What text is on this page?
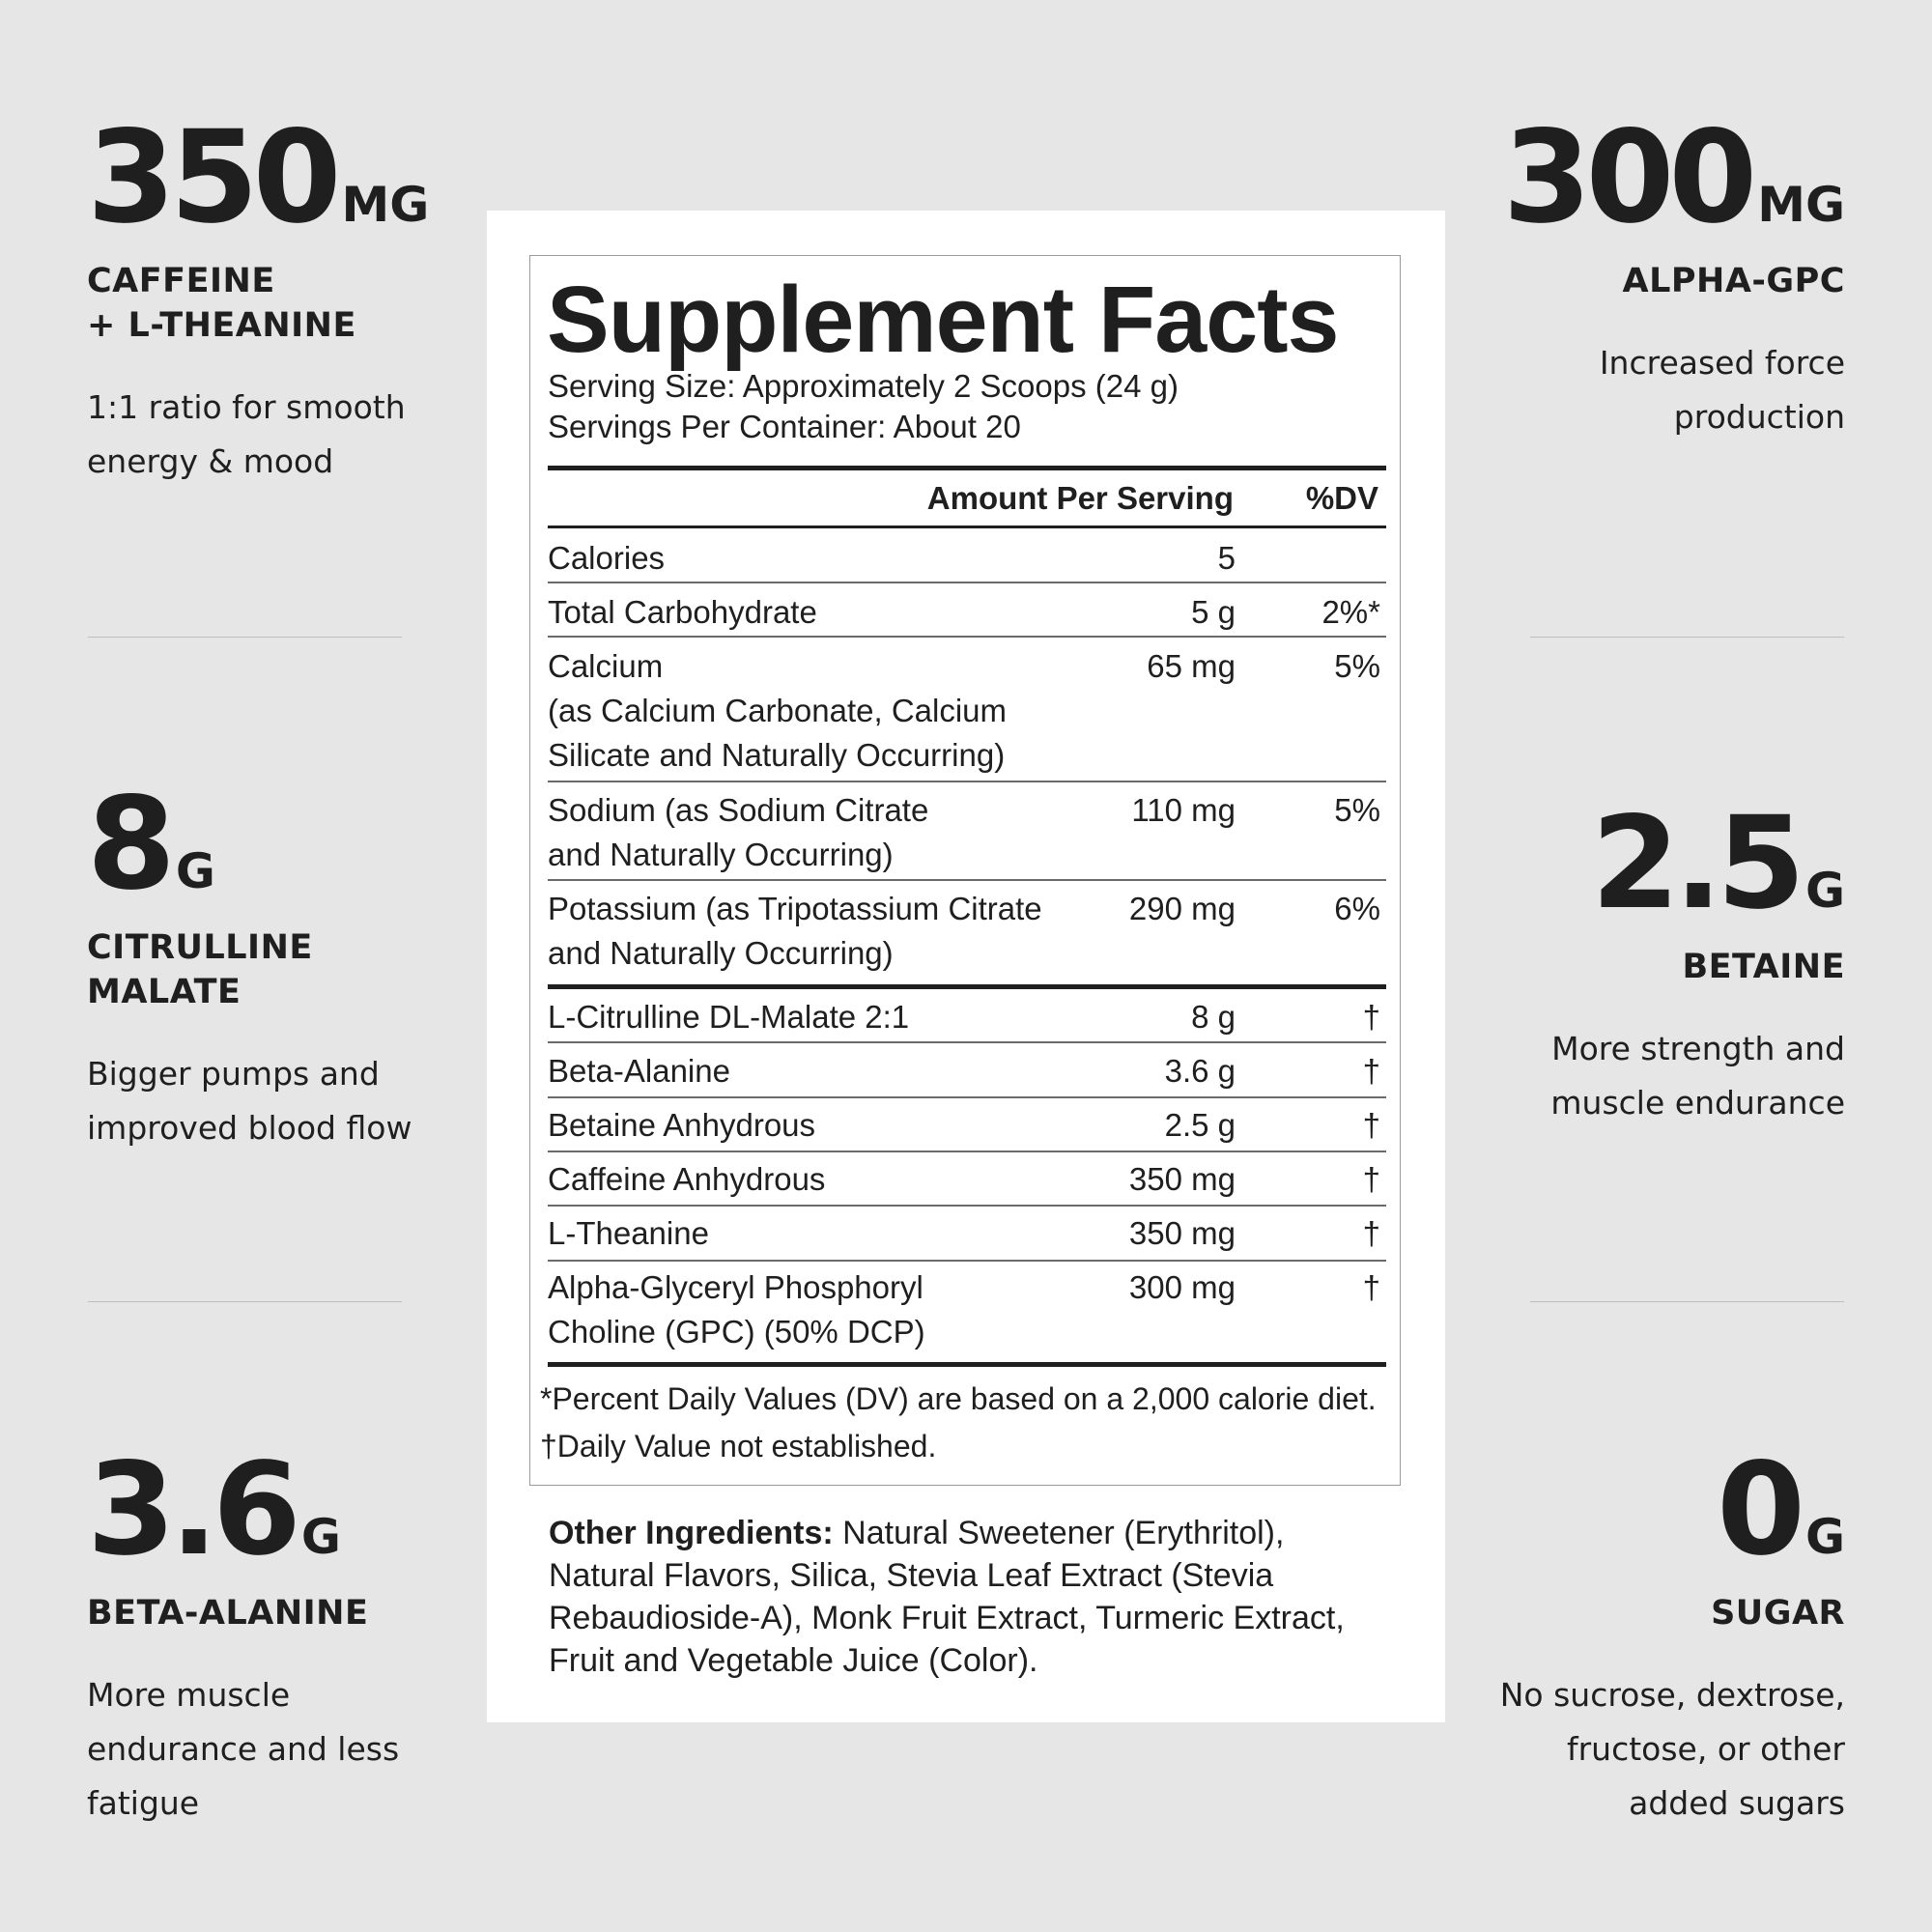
350 MG
CAFFEINE
+ L-THEANINE
1:1 ratio for smooth
energy & mood
8 G
CITRULLINE
MALATE
Bigger pumps and
improved blood flow
3.6 G
BETA-ALANINE
More muscle
endurance and less
fatigue
300 MG
ALPHA-GPC
Increased force
production
2.5 G
BETAINE
More strength and
muscle endurance
0 G
SUGAR
No sucrose, dextrose,
fructose, or other
added sugars
Supplement Facts
Serving Size: Approximately 2 Scoops (24 g)
Servings Per Container: About 20
Amount Per Serving %DV
Calories	5
Total Carbohydrate	5 g	2%*
Calcium
(as Calcium Carbonate, Calcium
Silicate and Naturally Occurring)
65 mg	5%
Sodium (as Sodium Citrate
and Naturally Occurring)
110 mg	5%
Potassium (as Tripotassium Citrate
and Naturally Occurring)
290 mg	6%
L-Citrulline DL-Malate 2:1	8 g	†
Beta-Alanine	3.6 g	†
Betaine Anhydrous	2.5 g	†
Caffeine Anhydrous	350 mg	†
L-Theanine	350 mg	†
Alpha-Glyceryl Phosphoryl
Choline (GPC) (50% DCP)
300 mg	†
*Percent Daily Values (DV) are based on a 2,000 calorie diet.
†Daily Value not established.
Other Ingredients: Natural Sweetener (Erythritol), Natural Flavors, Silica, Stevia Leaf Extract (Stevia Rebaudioside-A), Monk Fruit Extract, Turmeric Extract, Fruit and Vegetable Juice (Color).
